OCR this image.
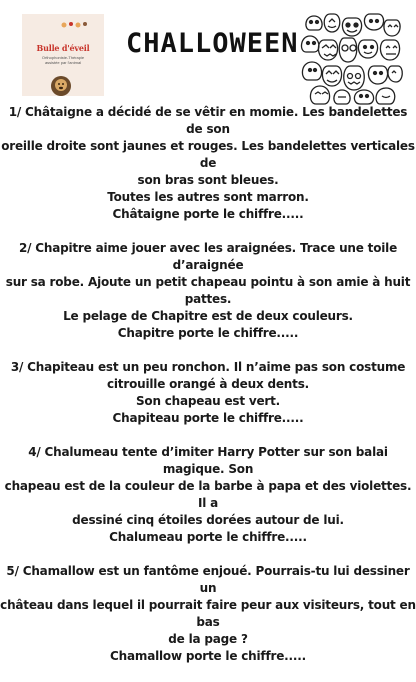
Bulle d'éveil
Orthophoniste-Thérapie
assistée par l'animal
CHALLOWEEN
1/ Châtaigne a décidé de se vêtir en momie. Les bandelettes de son
oreille droite sont jaunes et rouges. Les bandelettes verticales de
son bras sont bleues.
Toutes les autres sont marron.
Châtaigne porte le chiffre.....
2/ Chapitre aime jouer avec les araignées. Trace une toile d’araignée
sur sa robe. Ajoute un petit chapeau pointu à son amie à huit
pattes.
Le pelage de Chapitre est de deux couleurs.
Chapitre porte le chiffre.....
3/ Chapiteau est un peu ronchon. Il n’aime pas son costume
citrouille orangé à deux dents.
Son chapeau est vert.
Chapiteau porte le chiffre.....
4/ Chalumeau tente d’imiter Harry Potter sur son balai magique. Son
chapeau est de la couleur de la barbe à papa et des violettes. Il a
dessiné cinq étoiles dorées autour de lui.
Chalumeau porte le chiffre.....
5/ Chamallow est un fantôme enjoué. Pourrais-tu lui dessiner un
château dans lequel il pourrait faire peur aux visiteurs, tout en bas
de la page ?
Chamallow porte le chiffre.....
